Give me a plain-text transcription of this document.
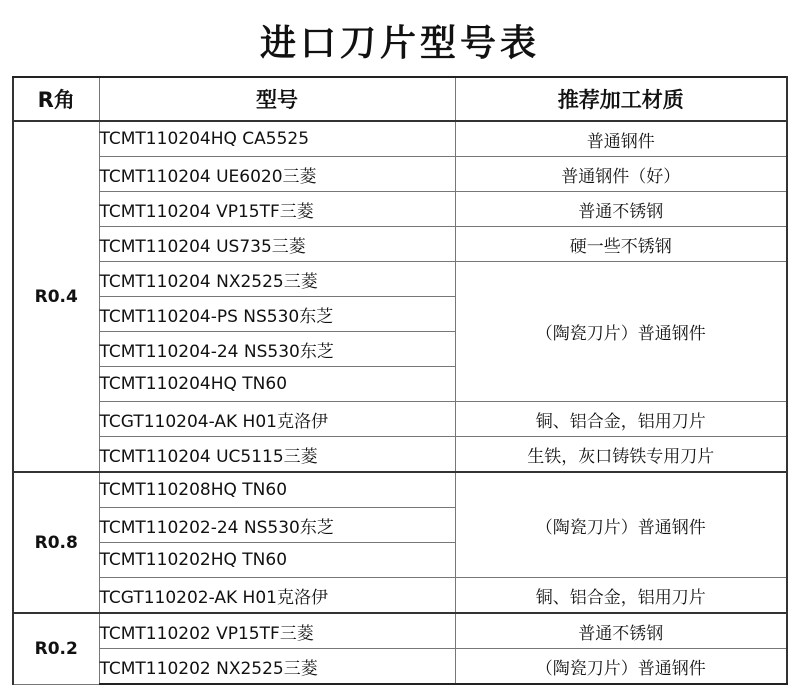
进口刀片型号表
R角	型号	推荐加工材质
R0.4	TCMT110204HQ CA5525	普通钢件
	TCMT110204 UE6020三菱	普通钢件（好）
	TCMT110204 VP15TF三菱	普通不锈钢
	TCMT110204 US735三菱	硬一些不锈钢
	TCMT110204 NX2525三菱	（陶瓷刀片）普通钢件
	TCMT110204-PS NS530东芝	
	TCMT110204-24 NS530东芝	
	TCMT110204HQ TN60	
	TCGT110204-AK H01克洛伊	铜、铝合金，铝用刀片
	TCMT110204 UC5115三菱	生铁，灰口铸铁专用刀片
R0.8	TCMT110208HQ TN60	（陶瓷刀片）普通钢件
	TCMT110202-24 NS530东芝	
	TCMT110202HQ TN60	
	TCGT110202-AK H01克洛伊	铜、铝合金，铝用刀片
R0.2	TCMT110202 VP15TF三菱	普通不锈钢
	TCMT110202 NX2525三菱	（陶瓷刀片）普通钢件
